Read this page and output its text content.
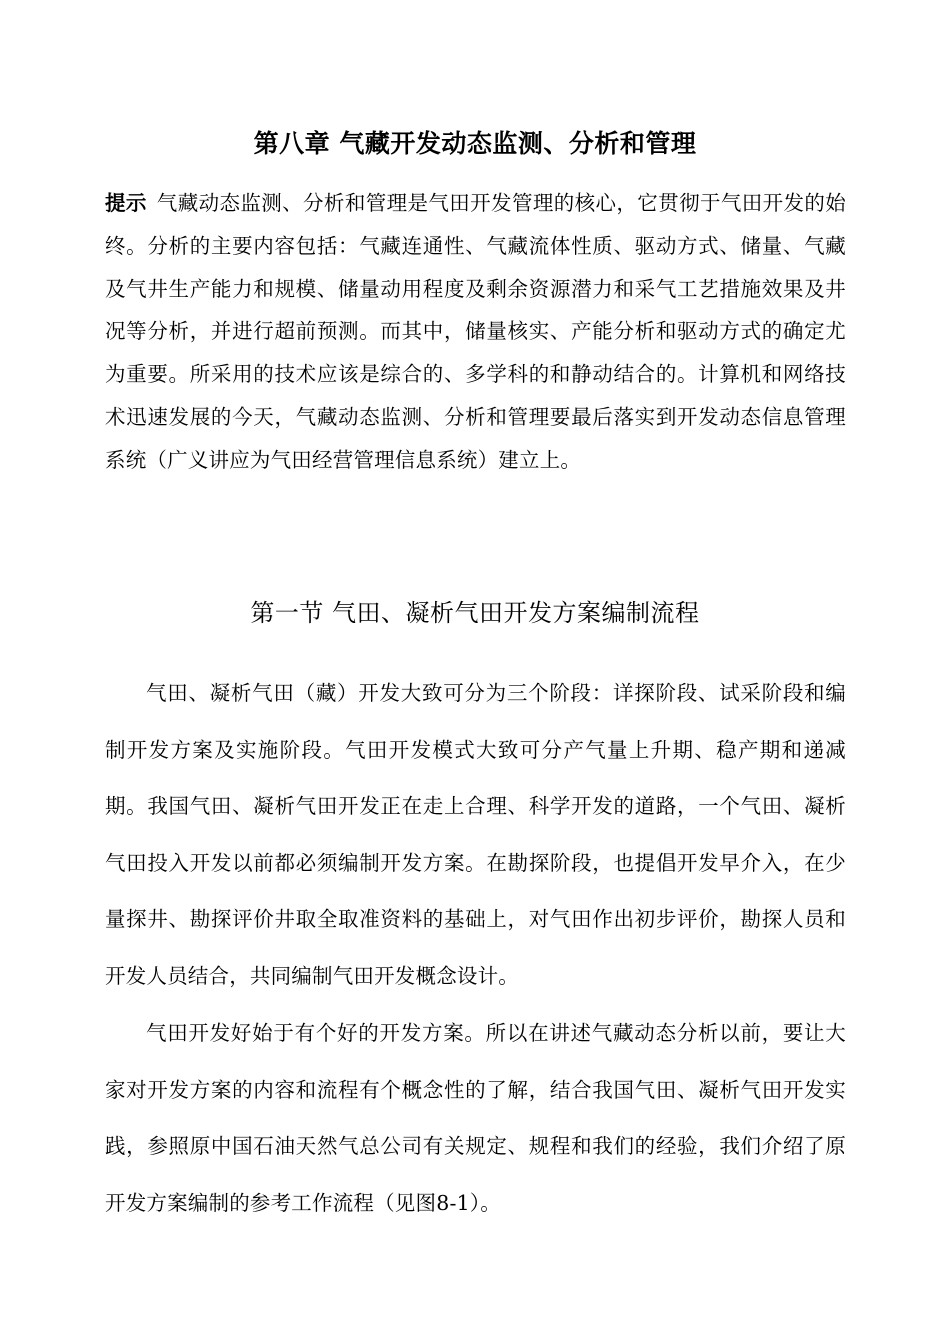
第八章 气藏开发动态监测、分析和管理
提示 气藏动态监测、分析和管理是气田开发管理的核心，它贯彻于气田开发的始终。分析的主要内容包括：气藏连通性、气藏流体性质、驱动方式、储量、气藏及气井生产能力和规模、储量动用程度及剩余资源潜力和采气工艺措施效果及井况等分析，并进行超前预测。而其中，储量核实、产能分析和驱动方式的确定尤为重要。所采用的技术应该是综合的、多学科的和静动结合的。计算机和网络技术迅速发展的今天，气藏动态监测、分析和管理要最后落实到开发动态信息管理系统（广义讲应为气田经营管理信息系统）建立上。
第一节 气田、凝析气田开发方案编制流程

气田、凝析气田（藏）开发大致可分为三个阶段：详探阶段、试采阶段和编制开发方案及实施阶段。气田开发模式大致可分产气量上升期、稳产期和递减期。我国气田、凝析气田开发正在走上合理、科学开发的道路，一个气田、凝析气田投入开发以前都必须编制开发方案。在勘探阶段，也提倡开发早介入，在少量探井、勘探评价井取全取准资料的基础上，对气田作出初步评价，勘探人员和开发人员结合，共同编制气田开发概念设计。

气田开发好始于有个好的开发方案。所以在讲述气藏动态分析以前，要让大家对开发方案的内容和流程有个概念性的了解，结合我国气田、凝析气田开发实践，参照原中国石油天然气总公司有关规定、规程和我们的经验，我们介绍了原开发方案编制的参考工作流程（见图8-1）。
